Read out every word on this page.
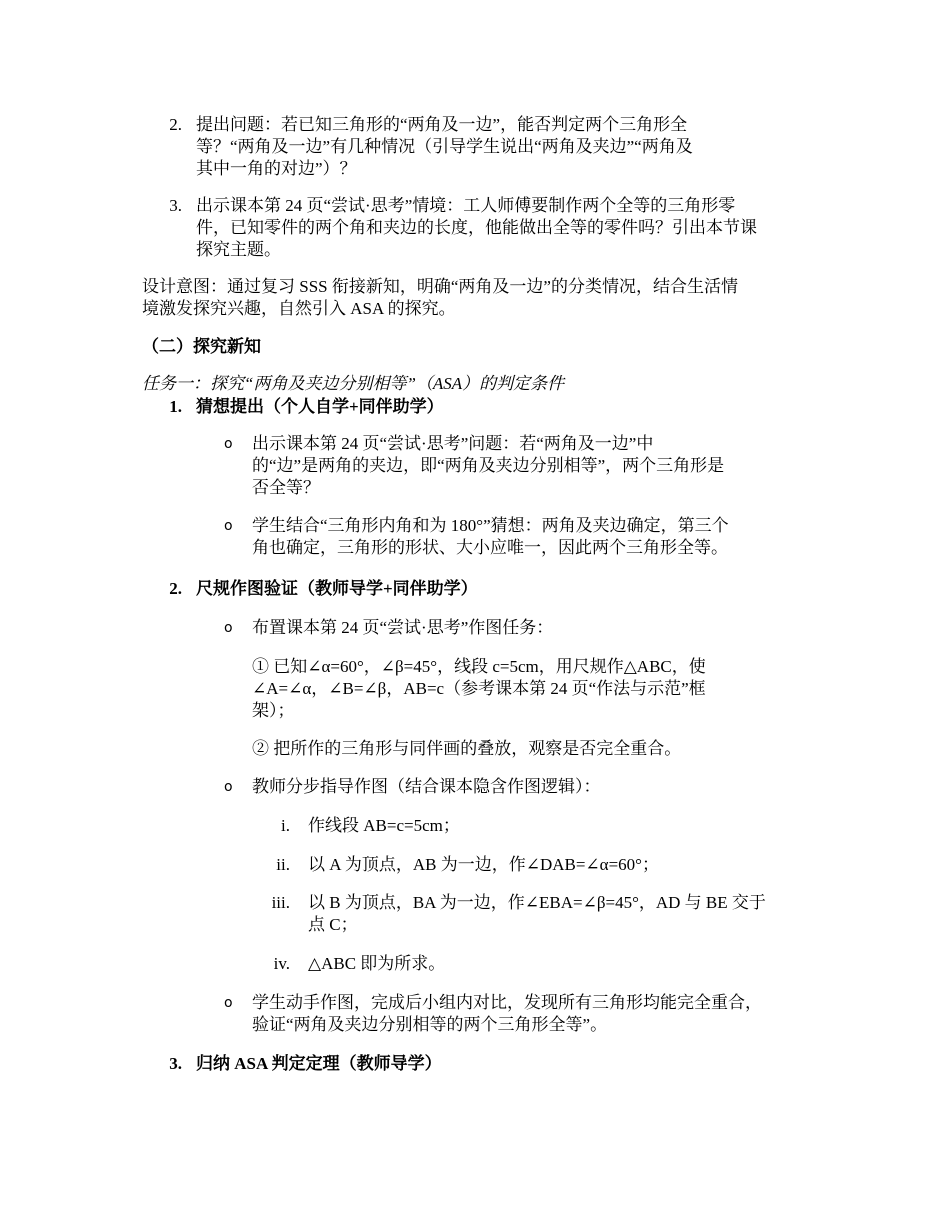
2. 提出问题：若已知三角形的“两角及一边”，能否判定两个三角形全
等？“两角及一边”有几种情况（引导学生说出“两角及夹边”“两角及
其中一角的对边”）？
3. 出示课本第 24 页“尝试·思考”情境：工人师傅要制作两个全等的三角形零
件，已知零件的两个角和夹边的长度，他能做出全等的零件吗？引出本节课
探究主题。
设计意图：通过复习 SSS 衔接新知，明确“两角及一边”的分类情况，结合生活情
境激发探究兴趣，自然引入 ASA 的探究。
（二）探究新知
任务一：探究“两角及夹边分别相等”（ASA）的判定条件
1. 猜想提出（个人自学+同伴助学）
o 出示课本第 24 页“尝试·思考”问题：若“两角及一边”中
的“边”是两角的夹边，即“两角及夹边分别相等”，两个三角形是
否全等？
o 学生结合“三角形内角和为 180°”猜想：两角及夹边确定，第三个
角也确定，三角形的形状、大小应唯一，因此两个三角形全等。
2. 尺规作图验证（教师导学+同伴助学）
o 布置课本第 24 页“尝试·思考”作图任务：
① 已知∠α=60°，∠β=45°，线段 c=5cm，用尺规作△ABC，使
∠A=∠α，∠B=∠β，AB=c（参考课本第 24 页“作法与示范”框
架）；
② 把所作的三角形与同伴画的叠放，观察是否完全重合。
o 教师分步指导作图（结合课本隐含作图逻辑）：
i. 作线段 AB=c=5cm；
ii. 以 A 为顶点，AB 为一边，作∠DAB=∠α=60°；
iii. 以 B 为顶点，BA 为一边，作∠EBA=∠β=45°，AD 与 BE 交于
点 C；
iv. △ABC 即为所求。
o 学生动手作图，完成后小组内对比，发现所有三角形均能完全重合，
验证“两角及夹边分别相等的两个三角形全等”。
3. 归纳 ASA 判定定理（教师导学）
